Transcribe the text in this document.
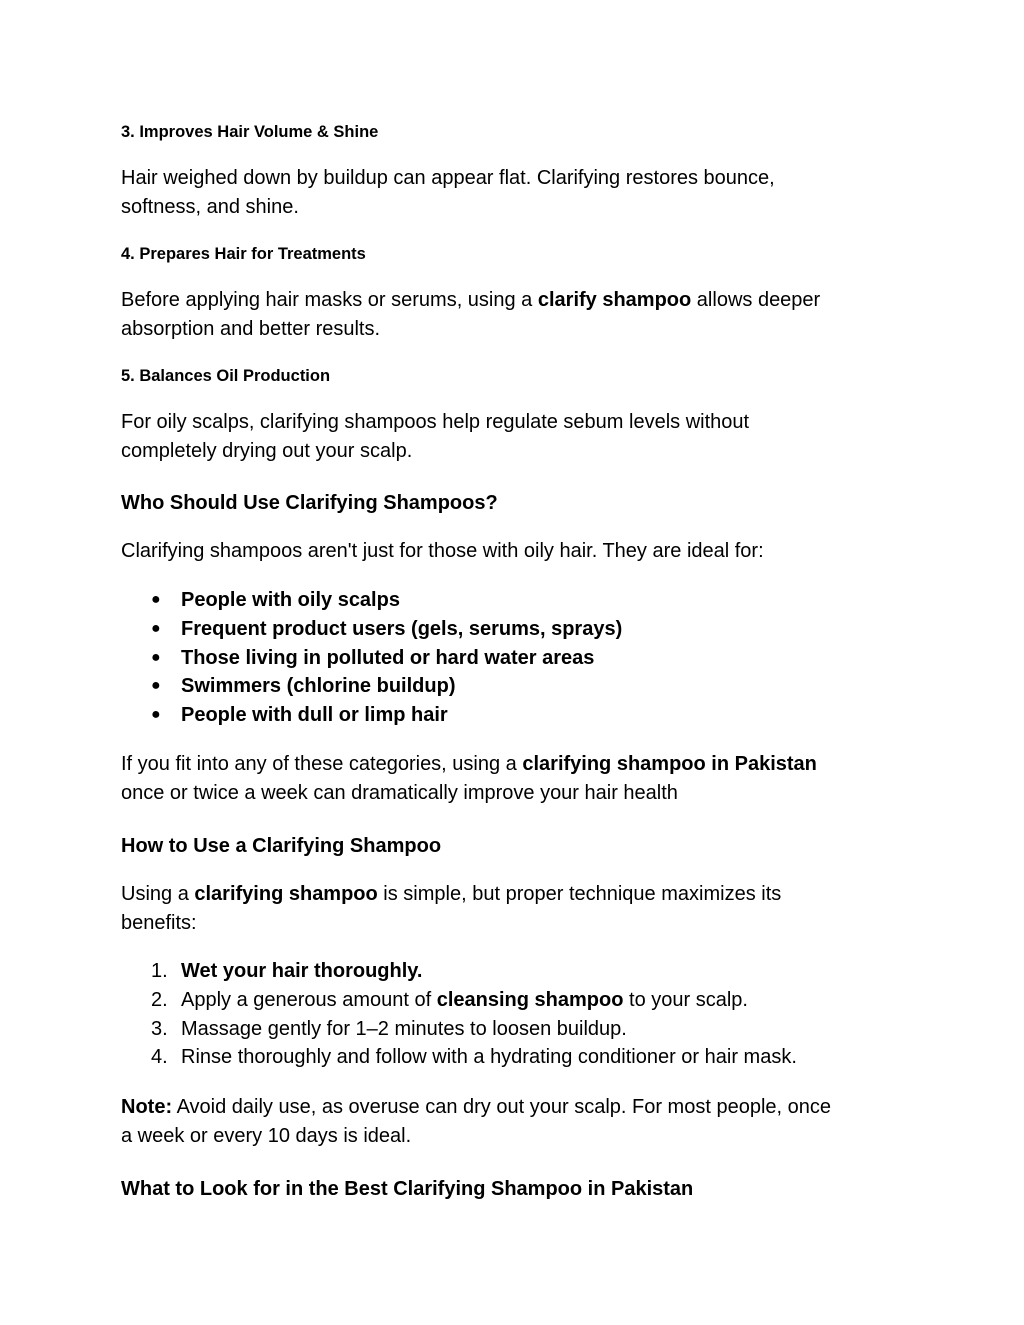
3. Improves Hair Volume & Shine

Hair weighed down by buildup can appear flat. Clarifying restores bounce,

softness, and shine.

4. Prepares Hair for Treatments

Before applying hair masks or serums, using a clarify shampoo allows deeper

absorption and better results.

5. Balances Oil Production

For oily scalps, clarifying shampoos help regulate sebum levels without

completely drying out your scalp.

Who Should Use Clarifying Shampoos?

Clarifying shampoos aren't just for those with oily hair. They are ideal for:

● People with oily scalps
● Frequent product users (gels, serums, sprays)
● Those living in polluted or hard water areas
● Swimmers (chlorine buildup)
● People with dull or limp hair

If you fit into any of these categories, using a clarifying shampoo in Pakistan

once or twice a week can dramatically improve your hair health

How to Use a Clarifying Shampoo

Using a clarifying shampoo is simple, but proper technique maximizes its

benefits:

1. Wet your hair thoroughly.
2. Apply a generous amount of cleansing shampoo to your scalp.
3. Massage gently for 1–2 minutes to loosen buildup.
4. Rinse thoroughly and follow with a hydrating conditioner or hair mask.

Note: Avoid daily use, as overuse can dry out your scalp. For most people, once

a week or every 10 days is ideal.

What to Look for in the Best Clarifying Shampoo in Pakistan
